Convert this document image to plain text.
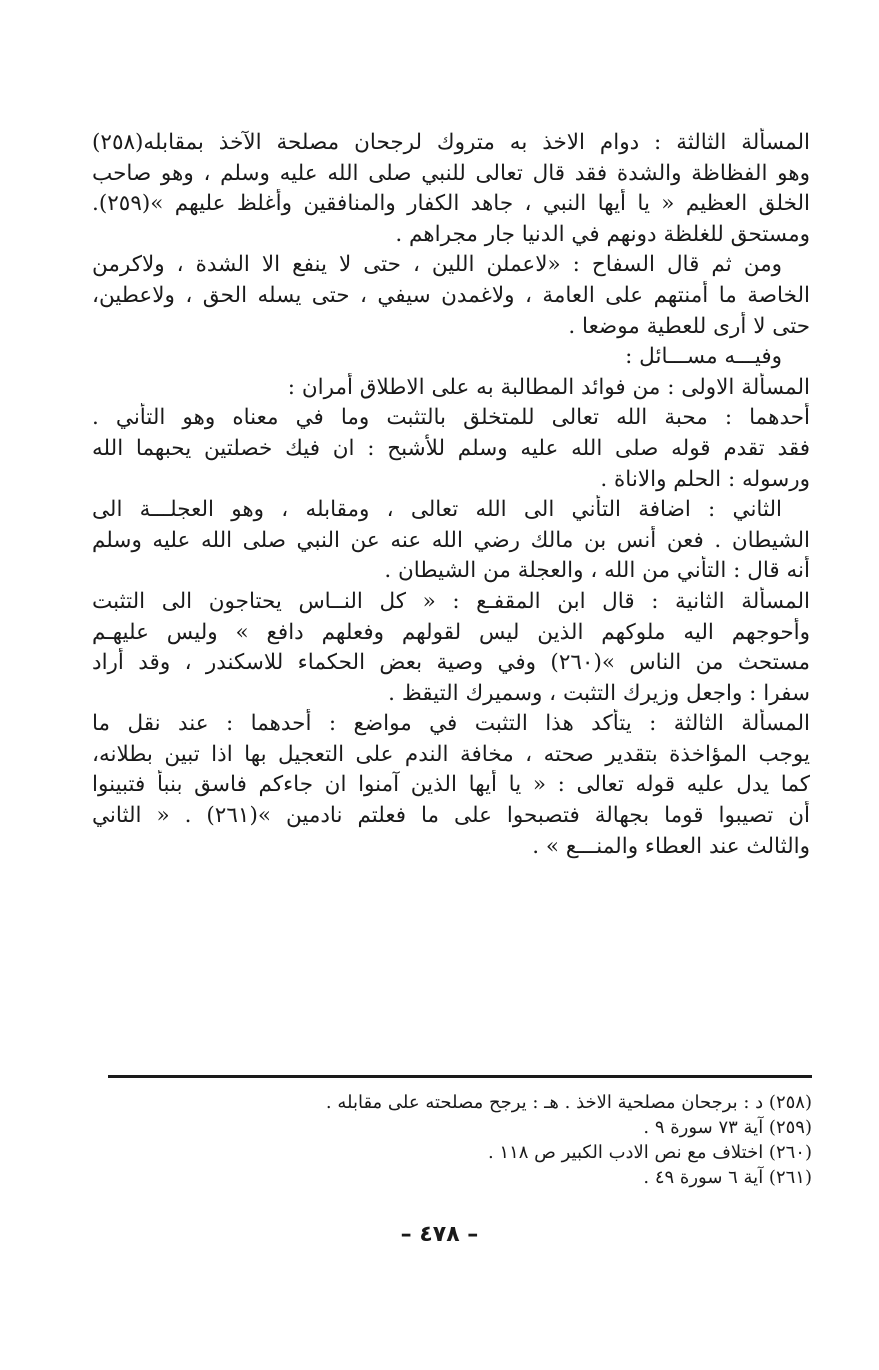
المسألة الثالثة : دوام الاخذ به متروك لرجحان مصلحة الآخذ بمقابله(٢٥٨)
وهو الفظاظة والشدة فقد قال تعالى للنبي صلى الله عليه وسلم ، وهو صاحب
الخلق العظيم « يا أيها النبي ، جاهد الكفار والمنافقين وأغلظ عليهم »(٢٥٩).
ومستحق للغلظة دونهم في الدنيا جار مجراهم .
ومن ثم قال السفاح : «لاعملن اللين ، حتى لا ينفع الا الشدة ، ولاكرمن
الخاصة ما أمنتهم على العامة ، ولاغمدن سيفي ، حتى يسله الحق ، ولاعطين،
حتى لا أرى للعطية موضعا .
وفيـــه مســـائل :
المسألة الاولى : من فوائد المطالبة به على الاطلاق أمران :
أحدهما : محبة الله تعالى للمتخلق بالتثبت وما في معناه وهو التأني .
فقد تقدم قوله صلى الله عليه وسلم للأشبح : ان فيك خصلتين يحبهما الله
ورسوله : الحلم والاناة .
الثاني : اضافة التأني الى الله تعالى ، ومقابله ، وهو العجلـــة الى
الشيطان . فعن أنس بن مالك رضي الله عنه عن النبي صلى الله عليه وسلم
أنه قال : التأني من الله ، والعجلة من الشيطان .
المسألة الثانية : قال ابن المقفـع : « كل النــاس يحتاجون الى التثبت
وأحوجهم اليه ملوكهم الذين ليس لقولهم وفعلهم دافع » وليس عليهـم
مستحث من الناس »(٢٦٠) وفي وصية بعض الحكماء للاسكندر ، وقد أراد
سفرا : واجعل وزيرك التثبت ، وسميرك التيقظ .
المسألة الثالثة : يتأكد هذا التثبت في مواضع : أحدهما : عند نقل ما
يوجب المؤاخذة بتقدير صحته ، مخافة الندم على التعجيل بها اذا تبين بطلانه،
كما يدل عليه قوله تعالى : « يا أيها الذين آمنوا ان جاءكم فاسق بنبأ فتبينوا
أن تصيبوا قوما بجهالة فتصبحوا على ما فعلتم نادمين »(٢٦١) . « الثاني
والثالث عند العطاء والمنـــع » .
(٢٥٨) د : برجحان مصلحية الاخذ . هـ : يرجح مصلحته على مقابله .
(٢٥٩) آية ٧٣ سورة ٩ .
(٢٦٠) اختلاف مع نص الادب الكبير ص ١١٨ .
(٢٦١) آية ٦ سورة ٤٩ .
– ٤٧٨ –
